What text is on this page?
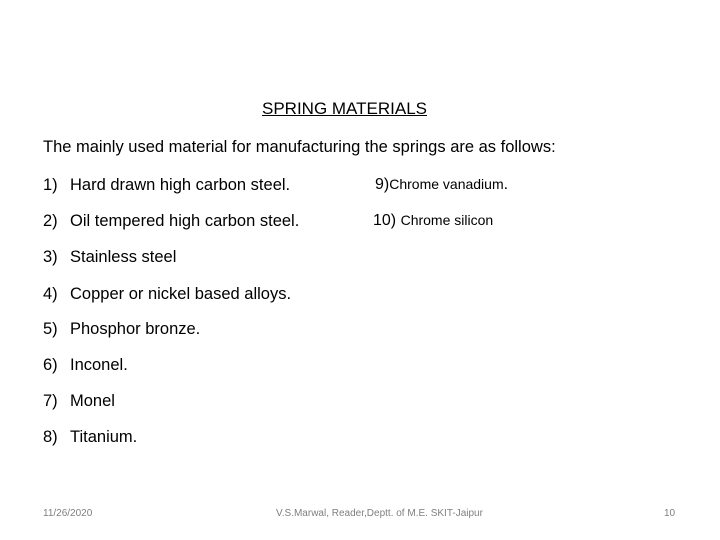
SPRING MATERIALS
The mainly used material for manufacturing the springs are as follows:
1) Hard drawn high carbon steel.
2) Oil tempered high carbon steel.
3) Stainless steel
4) Copper or nickel based alloys.
5) Phosphor bronze.
6) Inconel.
7) Monel
8) Titanium.
9)Chrome vanadium.
10) Chrome silicon
11/26/2020	V.S.Marwal, Reader,Deptt. of M.E. SKIT-Jaipur	10
